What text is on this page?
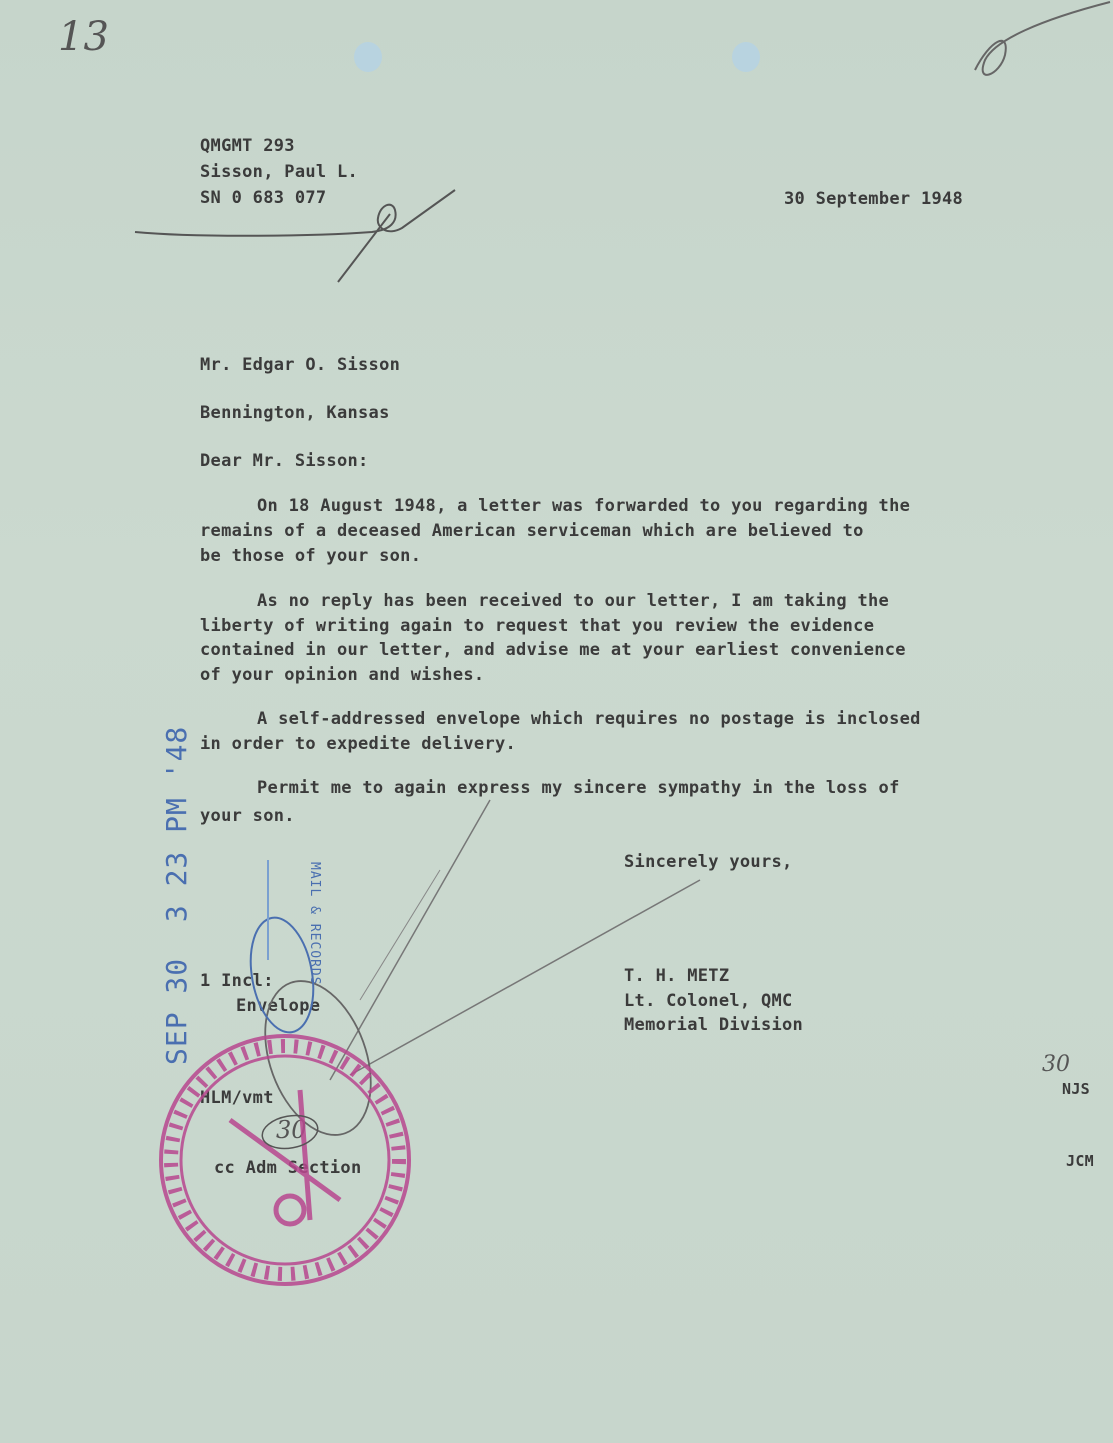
13
QMGMT 293
Sisson, Paul L.
SN 0 683 077	30 September 1948
Mr. Edgar O. Sisson
Bennington, Kansas
Dear Mr. Sisson:
On 18 August 1948, a letter was forwarded to you regarding the
remains of a deceased American serviceman which are believed to
be those of your son.
As no reply has been received to our letter, I am taking the
liberty of writing again to request that you review the evidence
contained in our letter, and advise me at your earliest convenience
of your opinion and wishes.
A self-addressed envelope which requires no postage is inclosed
in order to expedite delivery.
Permit me to again express my sincere sympathy in the loss of
your son.
Sincerely yours,
T. H. METZ
Lt. Colonel, QMC
Memorial Division
1 Incl:
Envelope
HLM/vmt
30
cc Adm Section
30
NJS
JCM
SEP 30  3 23 PM '48	MAIL & RECORDS
